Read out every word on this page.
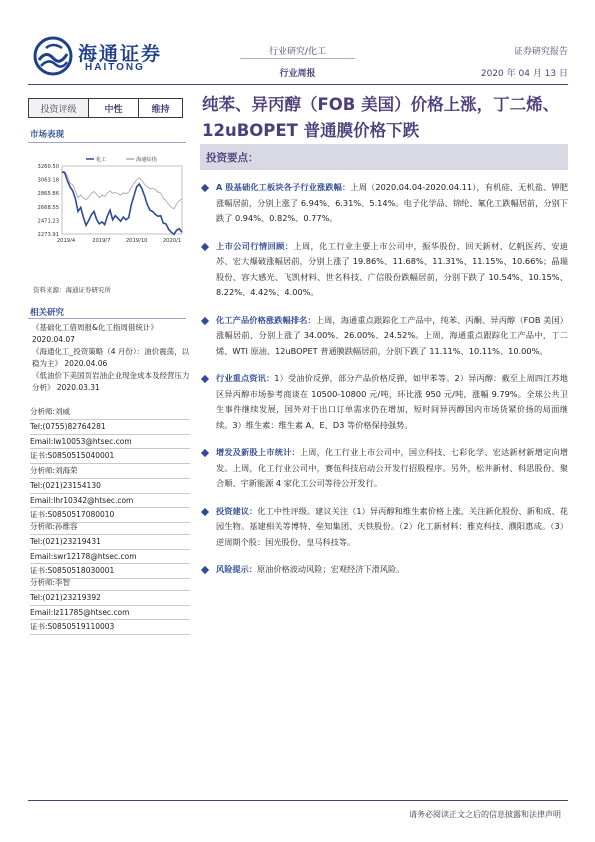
海通证券
HAITONG
行业研究/化工
行业周报
证券研究报告
2020 年 04 月 13 日
投资评级	中性	维持
市场表现
3260.50
3063.18
2865.86
2668.55
2471.23
2273.91
2019/4	2019/7	2019/10	2020/1
化工	海通综指
资料来源：海通证券研究所
相关研究
《基础化工借周报&化工指周借统计》 2020.04.07
《海通化工_投资策略（4 月份）：油价震荡，以稳为主》 2020.04.06
《低油价下美国页岩油企业现金成本及经营压力分析》 2020.03.31
分析师:刘威
Tel:(0755)82764281
Email:lw10053@htsec.com
证书:S0850515040001
分析师:刘海荣
Tel:(021)23154130
Email:lhr10342@htsec.com
证书:S0850517080010
分析师:孙维容
Tel:(021)23219431
Email:swr12178@htsec.com
证书:S0850518030001
分析师:李智
Tel:(021)23219392
Email:lz11785@htsec.com
证书:S0850519110003
纯苯、异丙醇（FOB 美国）价格上涨，丁二烯、12uBOPET 普通膜价格下跌
投资要点：
A 股基础化工板块各子行业涨跌幅：上周（2020.04.04-2020.04.11），有机硅、无机盐、钾肥涨幅居前，分别上涨了 6.94%、6.31%、5.14%。电子化学品、锦纶、氟化工跌幅居前，分别下跌了 0.94%、0.82%、0.77%。
上市公司行情回顾：上周，化工行业主要上市公司中，振华股份、回天新材、亿帆医药、安迪苏、宏大爆破涨幅居前，分别上涨了 19.86%、11.68%、11.31%、11.15%、10.66%；晶瑞股份、容大感光、飞凯材料、世名科技、广信股份跌幅居前，分别下跌了 10.54%、10.15%、8.22%、4.42%、4.00%。
化工产品价格涨跌幅排名：上周，海通重点跟踪化工产品中，纯苯、丙酮、异丙醇（FOB 美国）涨幅居前，分别上涨了 34.00%、26.00%、24.52%。上周，海通重点跟踪化工产品中，丁二烯、WTI 原油、12uBOPET 普通膜跌幅居前，分别下跌了 11.11%、10.11%、10.00%。
行业重点资讯：1）受油价反弹，部分产品价格反弹，如甲苯等。2）异丙醇：截至上周四江苏地区异丙醇市场参考商谈在 10500-10800 元/吨，环比涨 950 元/吨，涨幅 9.79%。全球公共卫生事件继续发展，国外对于出口订单需求仍在增加，短时间异丙醇国内市场货紧价扬的局面继续。3）维生素：维生素 A、E、D3 等价格保持强势。
增发及新股上市统计：上周，化工行业上市公司中，国立科技、七彩化学、宏达新材新增定向增发。上周，化工行业公司中，赛伍科技启动公开发行招股程序。另外，松井新材、科思股份、聚合顺、宇新能源 4 家化工公司等待公开发行。
投资建议：化工中性评级。建议关注（1）异丙醇和维生素价格上涨，关注新化股份、新和成、花园生物。基建相关等博特、垒知集团、天铁股份。（2）化工新材料：雅克科技、濮阳惠成。（3）逆周期个股：国光股份、皇马科技等。
风险提示：原油价格波动风险；宏观经济下滑风险。
请务必阅读正文之后的信息披露和法律声明
